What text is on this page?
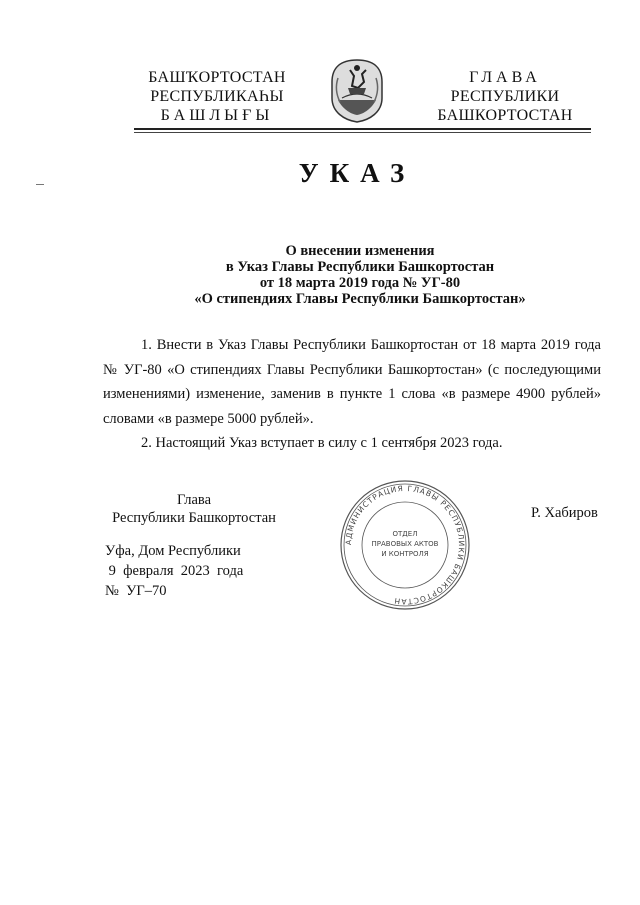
БАШҠОРТОСТАН
РЕСПУБЛИКАҺЫ
БАШЛЫҒЫ
ГЛАВА
РЕСПУБЛИКИ
БАШКОРТОСТАН
УКАЗ
О внесении изменения
в Указ Главы Республики Башкортостан
от 18 марта 2019 года № УГ-80
«О стипендиях Главы Республики Башкортостан»

1. Внести в Указ Главы Республики Башкортостан от 18 марта 2019 года № УГ-80 «О стипендиях Главы Республики Башкортостан» (с последующими изменениями) изменение, заменив в пункте 1 слова «в размере 4900 рублей» словами «в размере 5000 рублей».

2. Настоящий Указ вступает в силу с 1 сентября 2023 года.

Глава
Республики Башкортостан
АДМИНИСТРАЦИЯ ГЛАВЫ РЕСПУБЛИКИ БАШКОРТОСТАН
ОТДЕЛ
ПРАВОВЫХ АКТОВ
И КОНТРОЛЯ
Р. Хабиров
Уфа, Дом Республики
9  февраля  2023  года
№  УГ–70
